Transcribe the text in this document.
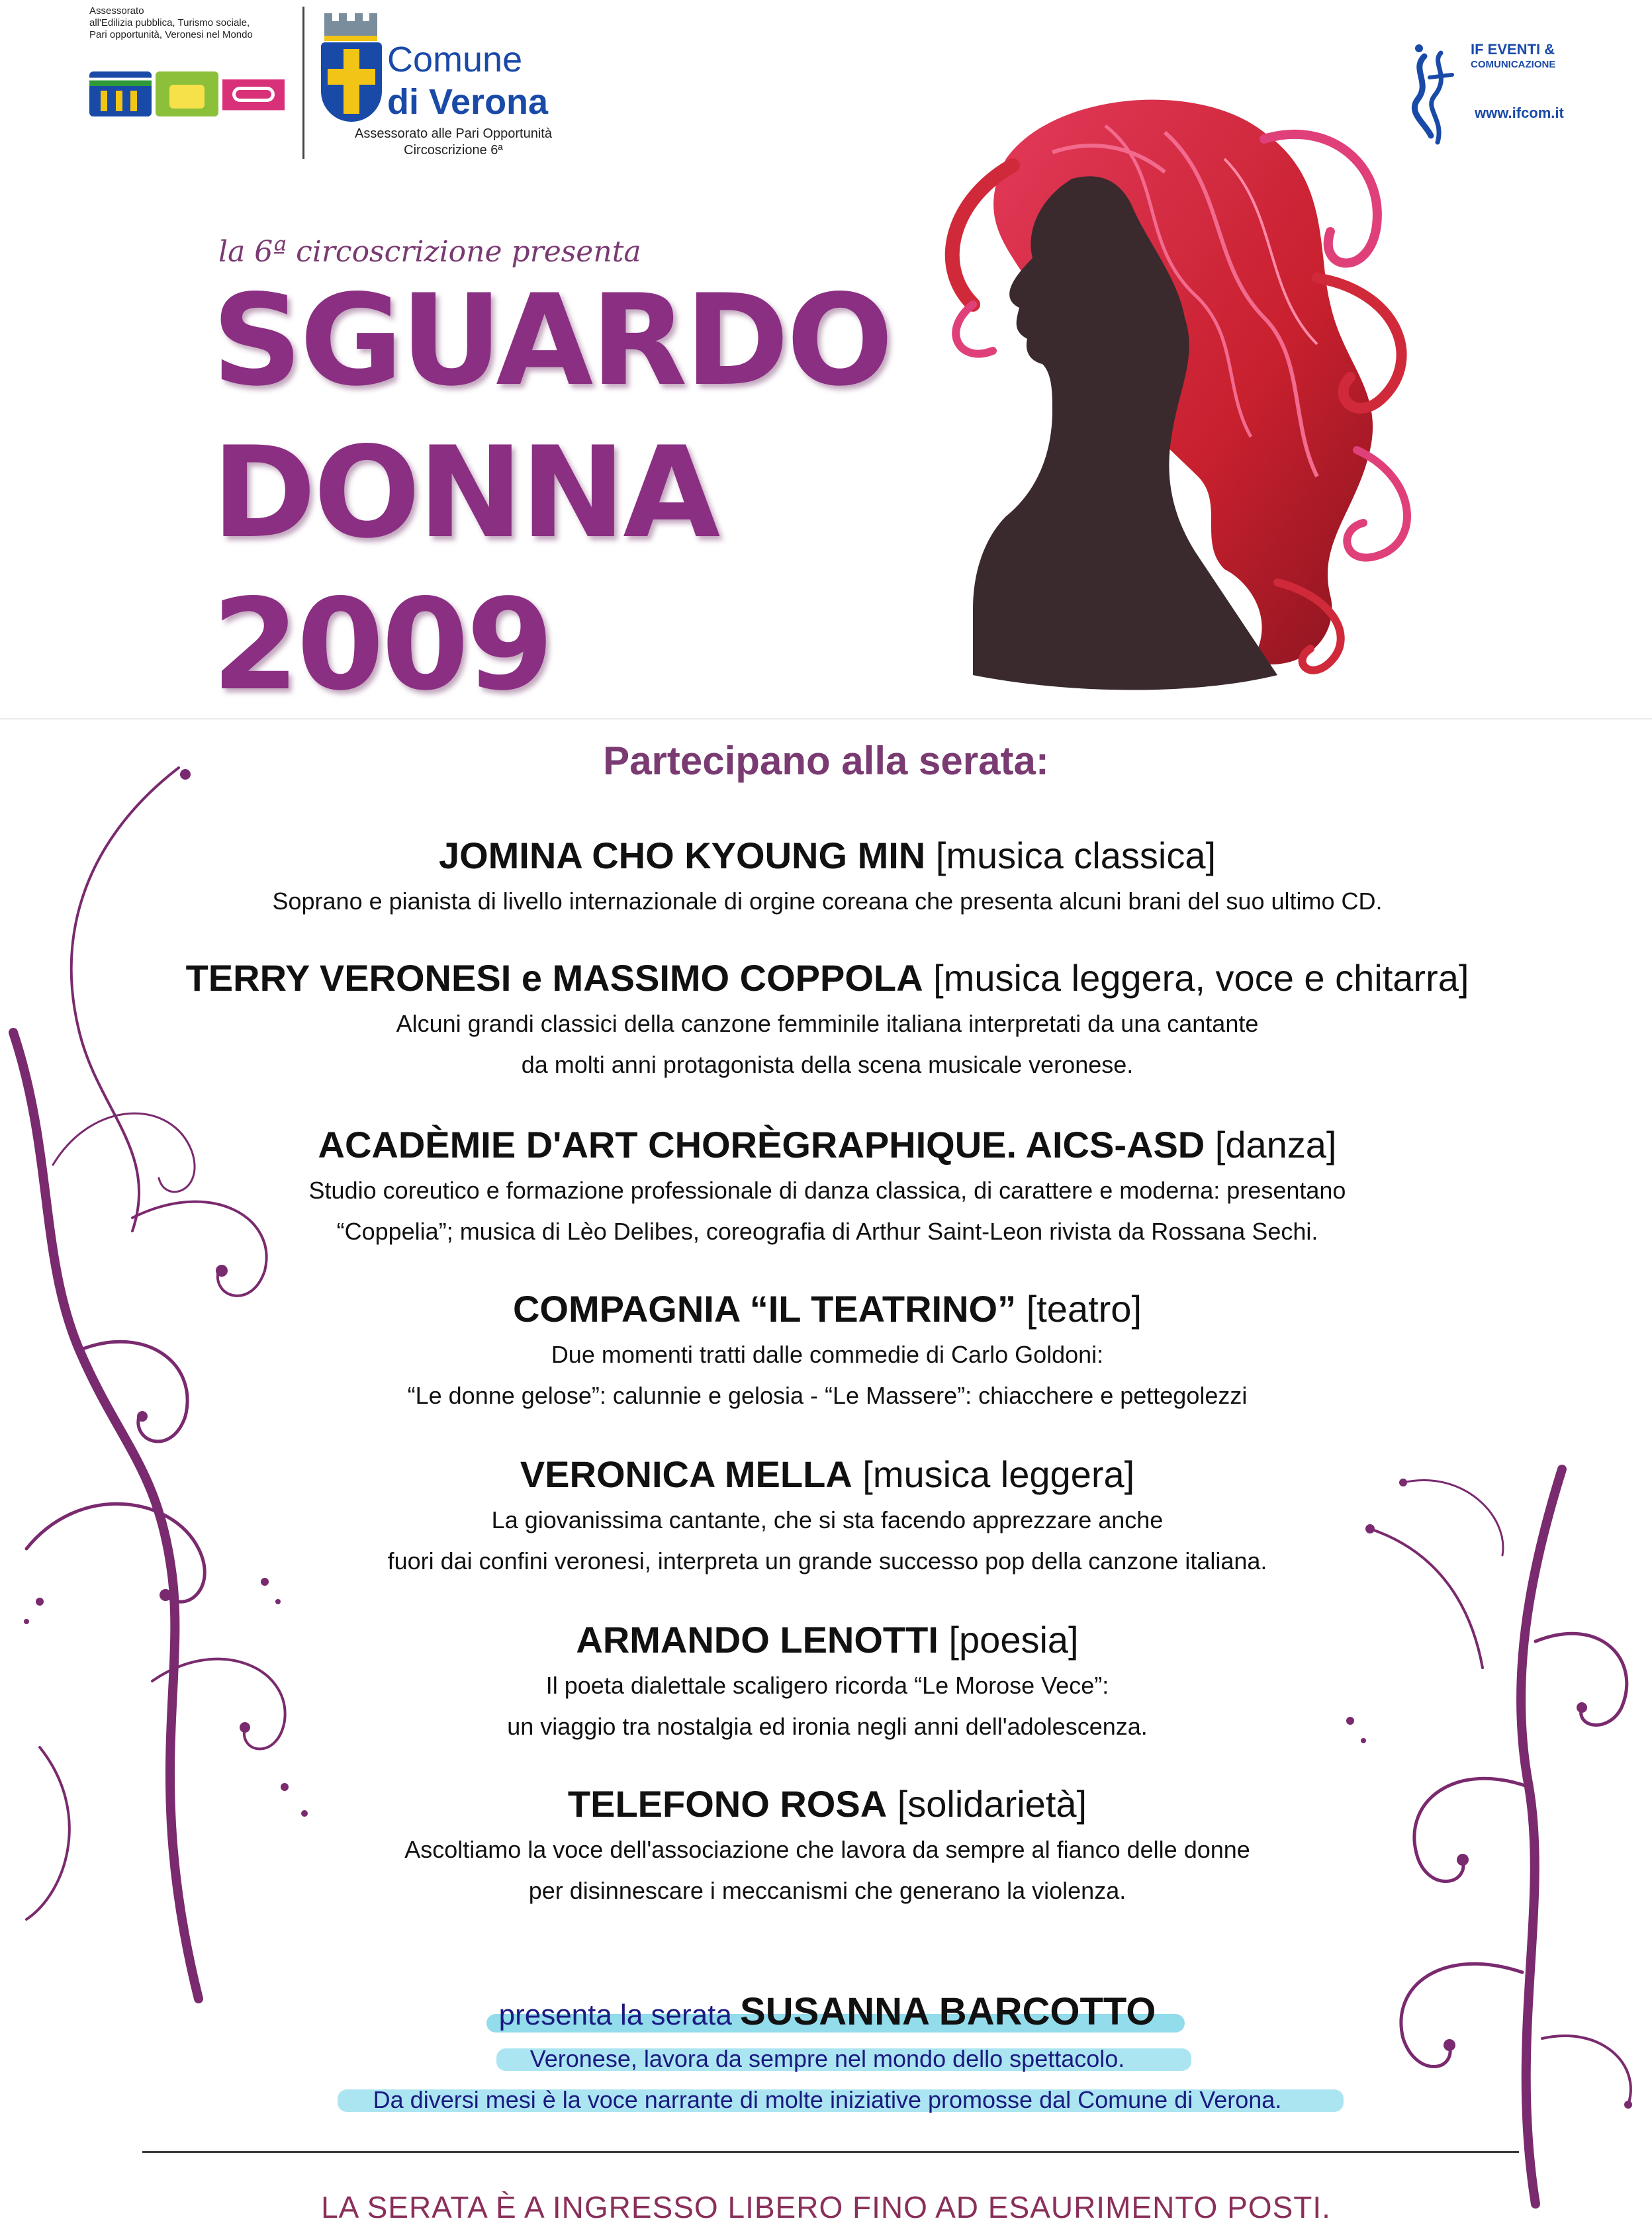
Assessorato
all'Edilizia pubblica, Turismo sociale,
Pari opportunità, Veronesi nel Mondo
Comune
di Verona
Assessorato alle Pari Opportunità
Circoscrizione 6ª
IF EVENTI &
COMUNICAZIONE
www.ifcom.it
la 6ª circoscrizione presenta
SGUARDO
DONNA
2009
Partecipano alla serata:
JOMINA CHO KYOUNG MIN [musica classica]
Soprano e pianista di livello internazionale di orgine coreana che presenta alcuni brani del suo ultimo CD.
TERRY VERONESI e MASSIMO COPPOLA [musica leggera, voce e chitarra]
Alcuni grandi classici della canzone femminile italiana interpretati da una cantante
da molti anni protagonista della scena musicale veronese.
ACADÈMIE D'ART CHORÈGRAPHIQUE. AICS-ASD [danza]
Studio coreutico e formazione professionale di danza classica, di carattere e moderna: presentano
“Coppelia”; musica di Lèo Delibes, coreografia di Arthur Saint-Leon rivista da Rossana Sechi.
COMPAGNIA “IL TEATRINO” [teatro]
Due momenti tratti dalle commedie di Carlo Goldoni:
“Le donne gelose”: calunnie e gelosia - “Le Massere”: chiacchere e pettegolezzi
VERONICA MELLA [musica leggera]
La giovanissima cantante, che si sta facendo apprezzare anche
fuori dai confini veronesi, interpreta un grande successo pop della canzone italiana.
ARMANDO LENOTTI [poesia]
Il poeta dialettale scaligero ricorda “Le Morose Vece”:
un viaggio tra nostalgia ed ironia negli anni dell'adolescenza.
TELEFONO ROSA [solidarietà]
Ascoltiamo la voce dell'associazione che lavora da sempre al fianco delle donne
per disinnescare i meccanismi che generano la violenza.
presenta la serata SUSANNA BARCOTTO
Veronese, lavora da sempre nel mondo dello spettacolo.
Da diversi mesi è la voce narrante di molte iniziative promosse dal Comune di Verona.
LA SERATA È A INGRESSO LIBERO FINO AD ESAURIMENTO POSTI.
